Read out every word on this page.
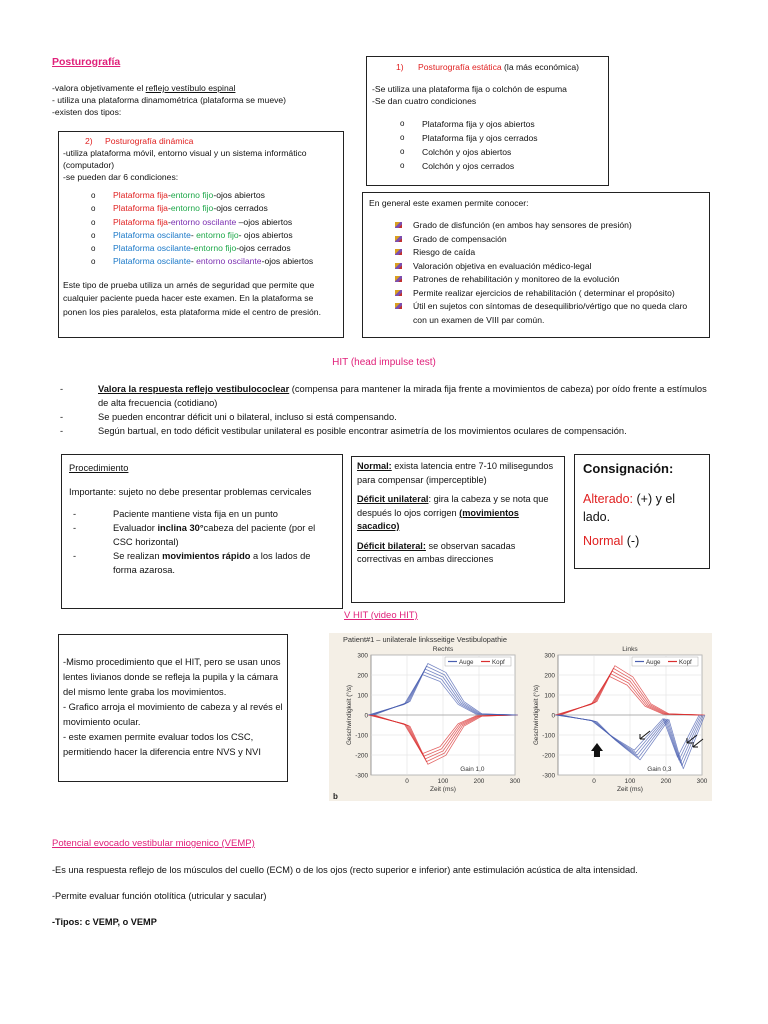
Posturografía
-valora objetivamente el reflejo vestíbulo espinal
- utiliza una plataforma dinamométrica (plataforma se mueve)
-existen dos tipos:
2) Posturografía dinámica
-utiliza plataforma móvil, entorno visual y un sistema informático (computador)
-se pueden dar 6 condiciones:
o Plataforma fija-entorno fijo-ojos abiertos
o Plataforma fija-entorno fijo-ojos cerrados
o Plataforma fija-entorno oscilante –ojos abiertos
o Plataforma oscilante- entorno fijo- ojos abiertos
o Plataforma oscilante-entorno fijo-ojos cerrados
o Plataforma oscilante- entorno oscilante-ojos abiertos
Este tipo de prueba utiliza un arnés de seguridad que permite que cualquier paciente pueda hacer este examen. En la plataforma se ponen los pies paralelos, esta plataforma mide el centro de presión.
1) Posturografía estática (la más económica)
-Se utiliza una plataforma fija o colchón de espuma
-Se dan cuatro condiciones
o Plataforma fija y ojos abiertos
o Plataforma fija y ojos cerrados
o Colchón y ojos abiertos
o Colchón y ojos cerrados
En general este examen permite conocer:
Grado de disfunción (en ambos hay sensores de presión)
Grado de compensación
Riesgo de caída
Valoración objetiva en evaluación médico-legal
Patrones de rehabilitación y monitoreo de la evolución
Permite realizar ejercicios de rehabilitación ( determinar el propósito)
Útil en sujetos con síntomas de desequilibrio/vértigo que no queda claro con un examen de VIII par común.
HIT (head impulse test)
- Valora la respuesta reflejo vestibulococlear (compensa para mantener la mirada fija frente a movimientos de cabeza) por oído frente a estímulos de alta frecuencia (cotidiano)
- Se pueden encontrar déficit uni o bilateral, incluso si está compensando.
- Según bartual, en todo déficit vestibular unilateral es posible encontrar asimetría de los movimientos oculares de compensación.
Procedimiento
Importante: sujeto no debe presentar problemas cervicales
- Paciente mantiene vista fija en un punto
- Evaluador inclina 30°cabeza del paciente (por el CSC horizontal)
- Se realizan movimientos rápido a los lados de forma azarosa.
Normal: exista latencia entre 7-10 milisegundos para compensar (imperceptible)
Déficit unilateral: gira la cabeza y se nota que después lo ojos corrigen (movimientos sacadico)
Déficit bilateral: se observan sacadas correctivas en ambas direcciones
Consignación:
Alterado: (+) y el lado.
Normal (-)
V HIT (video HIT)

-Mismo procedimiento que el HIT, pero se usan unos lentes livianos donde se refleja la pupila y la cámara del mismo lente graba los movimientos.
- Grafico arroja el movimiento de cabeza y al revés el movimiento ocular.
- este examen permite evaluar todos los CSC, permitiendo hacer la diferencia entre NVS y NVI

Patient#1 – unilaterale linksseitige Vestibulopathie
b
300
200
100
0
-100
-200
-300
0	100	200	300
Rechts
Zeit (ms)
Gain 1,0
Auge	Kopf
300
200
100
0
-100
-200
-300
0	100	200	300
Links
Zeit (ms)
Gain 0,3
Auge	Kopf
Geschwindigkeit (°/s)	Geschwindigkeit (°/s)
Potencial evocado vestibular miogenico (VEMP)
-Es una respuesta reflejo de los músculos del cuello (ECM) o de los ojos (recto superior e inferior) ante estimulación acústica de alta intensidad.
-Permite evaluar función otolítica (utricular y sacular)
-Tipos: c VEMP, o VEMP
